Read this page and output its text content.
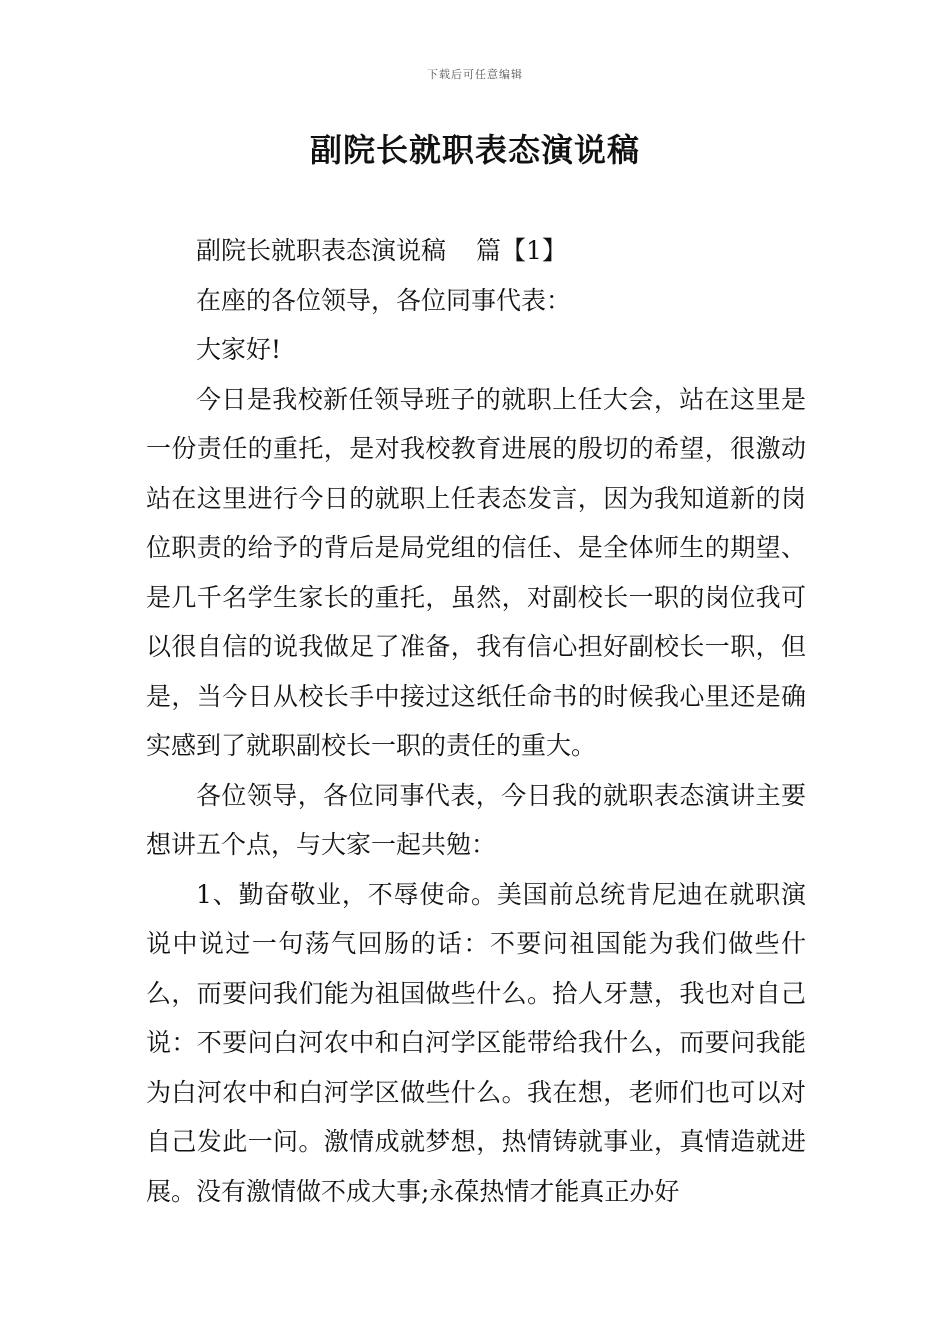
下载后可任意编辑
副院长就职表态演说稿

副院长就职表态演说稿 篇【1】

在座的各位领导，各位同事代表：

大家好!

今日是我校新任领导班子的就职上任大会，站在这里是一份责任的重托，是对我校教育进展的殷切的希望，很激动站在这里进行今日的就职上任表态发言，因为我知道新的岗位职责的给予的背后是局党组的信任、是全体师生的期望、是几千名学生家长的重托，虽然，对副校长一职的岗位我可以很自信的说我做足了准备，我有信心担好副校长一职，但是，当今日从校长手中接过这纸任命书的时候我心里还是确实感到了就职副校长一职的责任的重大。

各位领导，各位同事代表，今日我的就职表态演讲主要想讲五个点，与大家一起共勉：

1、勤奋敬业，不辱使命。美国前总统肯尼迪在就职演说中说过一句荡气回肠的话：不要问祖国能为我们做些什么，而要问我们能为祖国做些什么。拾人牙慧，我也对自己说：不要问白河农中和白河学区能带给我什么，而要问我能为白河农中和白河学区做些什么。我在想，老师们也可以对自己发此一问。激情成就梦想，热情铸就事业，真情造就进展。没有激情做不成大事;永葆热情才能真正办好
